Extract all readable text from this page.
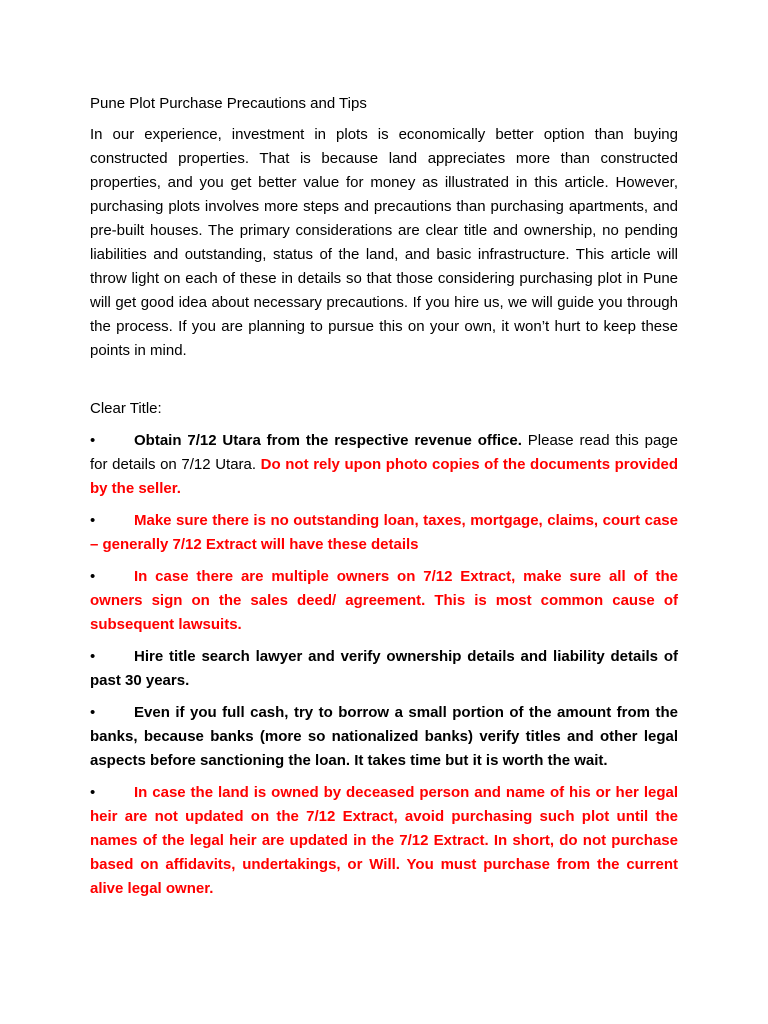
Pune Plot Purchase Precautions and Tips

In our experience, investment in plots is economically better option than buying constructed properties. That is because land appreciates more than constructed properties, and you get better value for money as illustrated in this article. However, purchasing plots involves more steps and precautions than purchasing apartments, and pre-built houses. The primary considerations are clear title and ownership, no pending liabilities and outstanding, status of the land, and basic infrastructure. This article will throw light on each of these in details so that those considering purchasing plot in Pune will get good idea about necessary precautions. If you hire us, we will guide you through the process. If you are planning to pursue this on your own, it won’t hurt to keep these points in mind.

Clear Title:

•	Obtain 7/12 Utara from the respective revenue office. Please read this page for details on 7/12 Utara. Do not rely upon photo copies of the documents provided by the seller.
•	Make sure there is no outstanding loan, taxes, mortgage, claims, court case – generally 7/12 Extract will have these details
•	In case there are multiple owners on 7/12 Extract, make sure all of the owners sign on the sales deed/ agreement. This is most common cause of subsequent lawsuits.
•	Hire title search lawyer and verify ownership details and liability details of past 30 years.
•	Even if you full cash, try to borrow a small portion of the amount from the banks, because banks (more so nationalized banks) verify titles and other legal aspects before sanctioning the loan. It takes time but it is worth the wait.
•	In case the land is owned by deceased person and name of his or her legal heir are not updated on the 7/12 Extract, avoid purchasing such plot until the names of the legal heir are updated in the 7/12 Extract. In short, do not purchase based on affidavits, undertakings, or Will. You must purchase from the current alive legal owner.
